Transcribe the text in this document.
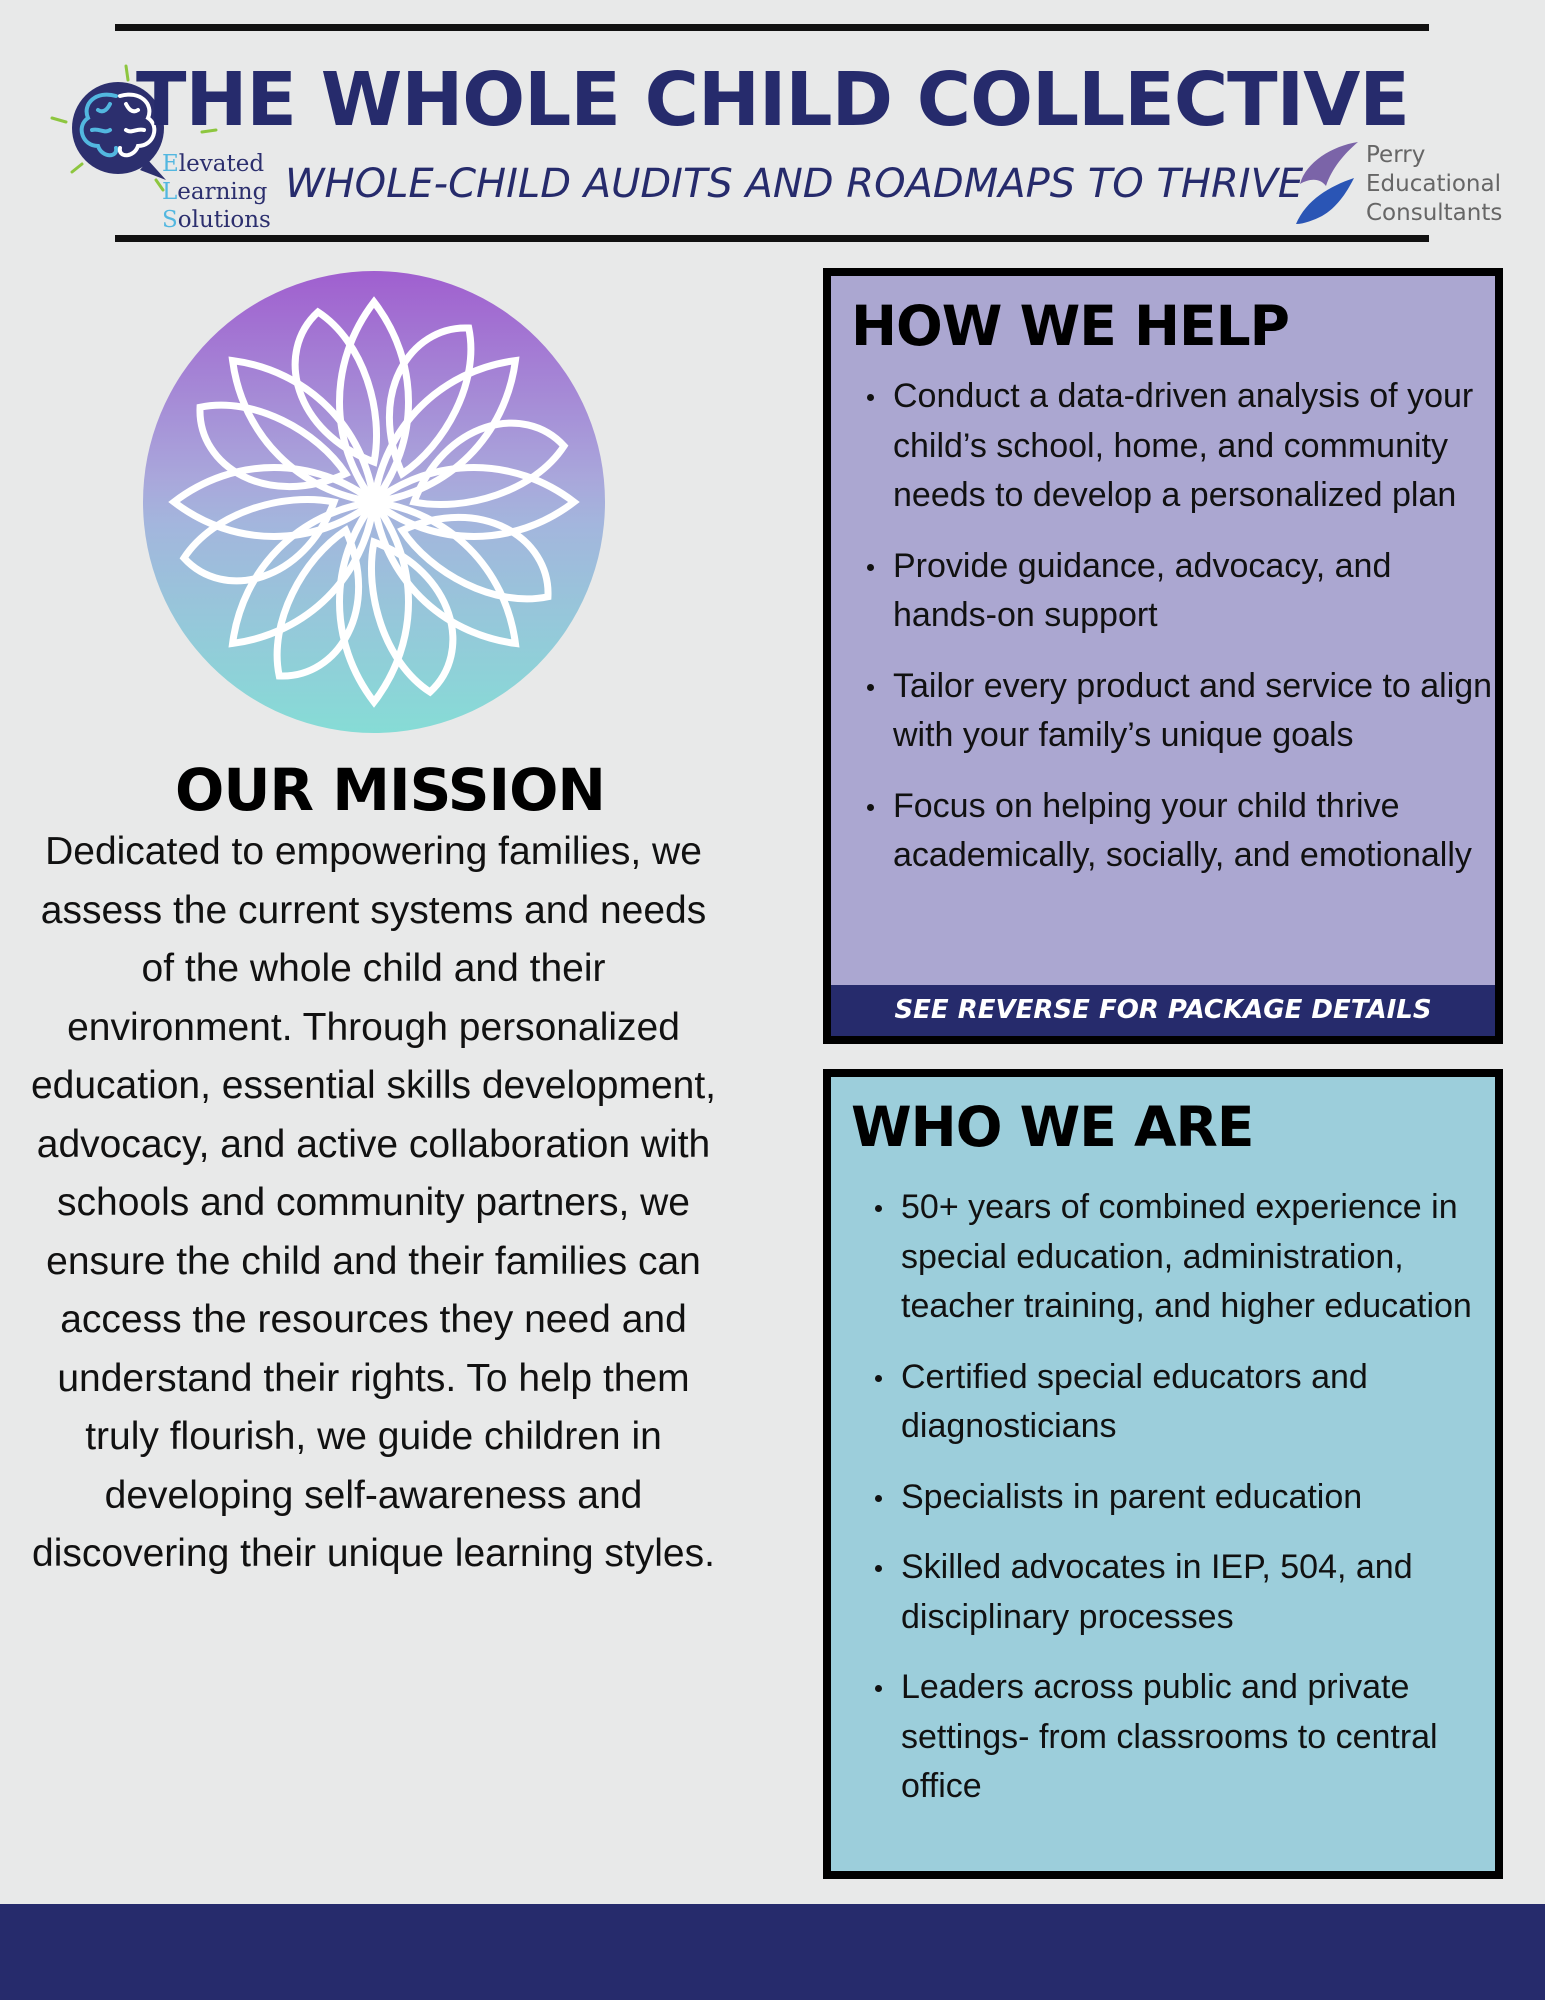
Elevated
Learning
Solutions
THE WHOLE CHILD COLLECTIVE
WHOLE-CHILD AUDITS AND ROADMAPS TO THRIVE
Perry
Educational
Consultants
OUR MISSION
Dedicated to empowering families, we assess the current systems and needs of the whole child and their environment. Through personalized education, essential skills development, advocacy, and active collaboration with schools and community partners, we ensure the child and their families can access the resources they need and understand their rights. To help them truly flourish, we guide children in developing self-awareness and discovering their unique learning styles.
HOW WE HELP
Conduct a data-driven analysis of your child’s school, home, and community needs to develop a personalized plan
Provide guidance, advocacy, and hands-on support
Tailor every product and service to align with your family’s unique goals
Focus on helping your child thrive academically, socially, and emotionally
SEE REVERSE FOR PACKAGE DETAILS
WHO WE ARE
50+ years of combined experience in special education, administration, teacher training, and higher education
Certified special educators and diagnosticians
Specialists in parent education
Skilled advocates in IEP, 504, and disciplinary processes
Leaders across public and private settings- from classrooms to central office
